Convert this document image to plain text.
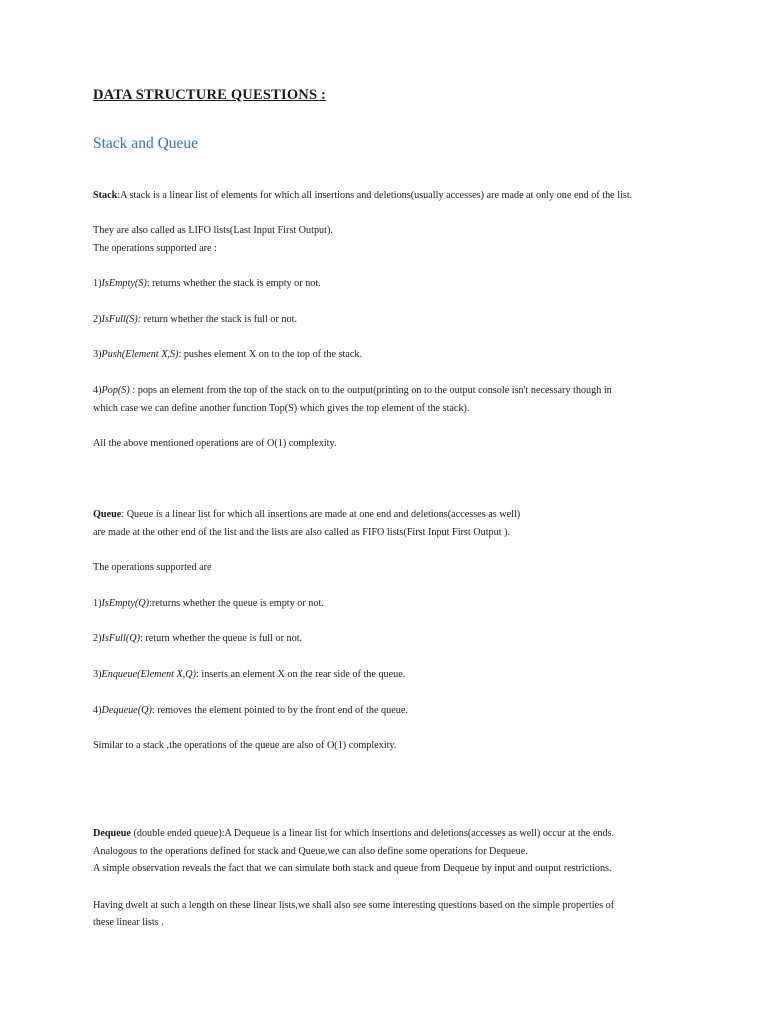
DATA STRUCTURE QUESTIONS :
Stack and Queue
Stack:A stack is a linear list of elements for which all insertions and deletions(usually accesses) are made at only one end of the list.
They are also called as LIFO lists(Last Input First Output).
The operations supported are :
1)IsEmpty(S): returns whether the stack is empty or not.
2)IsFull(S): return whether the stack is full or not.
3)Push(Element X,S): pushes element X on to the top of the stack.
4)Pop(S) : pops an element from the top of the stack on to the output(printing on to the output console isn't necessary though in
which case we can define another function Top(S) which gives the top element of the stack).
All the above mentioned operations are of O(1) complexity.
Queue: Queue is a linear list for which all insertions are made at one end and deletions(accesses as well)
are made at the other end of the list and the lists are also called as FIFO lists(First Input First Output ).
The operations supported are
1)IsEmpty(Q):returns whether the queue is empty or not.
2)IsFull(Q): return whether the queue is full or not.
3)Enqueue(Element X,Q): inserts an element X on the rear side of the queue.
4)Dequeue(Q): removes the element pointed to by the front end of the queue.
Similar to a stack ,the operations of the queue are also of O(1) complexity.
Dequeue (double ended queue):A Dequeue is a linear list for which insertions and deletions(accesses as well) occur at the ends.
Analogous to the operations defined for stack and Queue,we can also define some operations for Dequeue.
A simple observation reveals the fact that we can simulate both stack and queue from Dequeue by input and output restrictions.
Having dwelt at such a length on these linear lists,we shall also see some interesting questions based on the simple properties of
these linear lists .
